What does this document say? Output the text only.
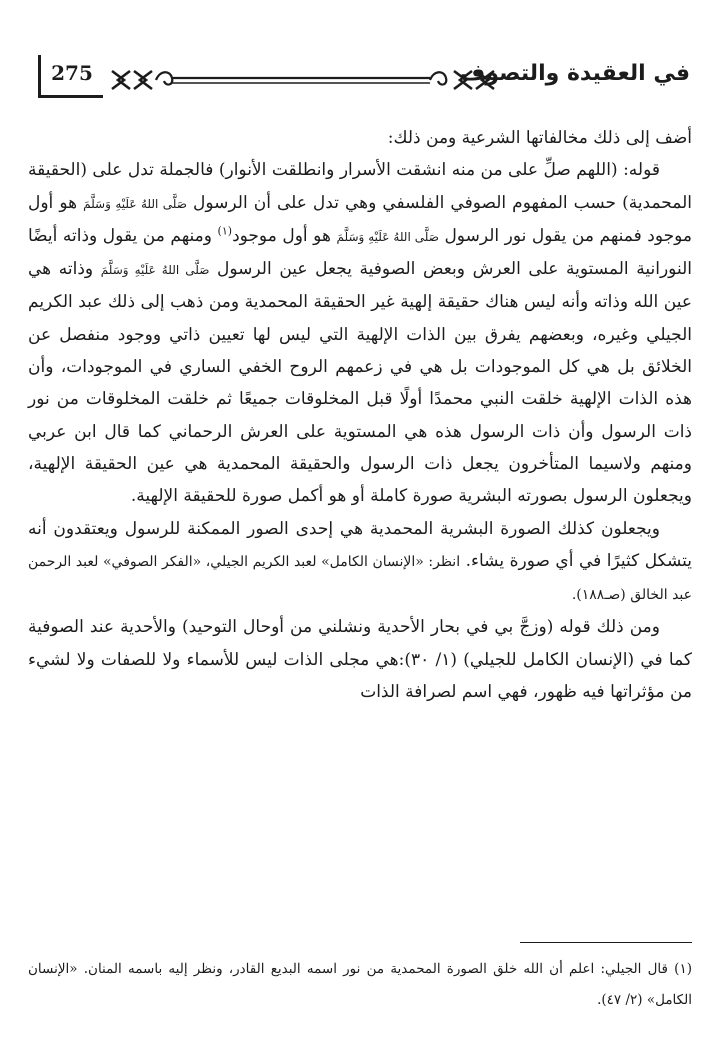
275	في العقيدة والتصوف

أضف إلى ذلك مخالفاتها الشرعية ومن ذلك:

قوله: (اللهم صلِّ على من منه انشقت الأسرار وانطلقت الأنوار) فالجملة تدل على (الحقيقة المحمدية) حسب المفهوم الصوفي الفلسفي وهي تدل على أن الرسول صَلَّى اللهُ عَلَيْهِ وَسَلَّمَ هو أول موجود فمنهم من يقول نور الرسول صَلَّى اللهُ عَلَيْهِ وَسَلَّمَ هو أول موجود$^{(١)}$ ومنهم من يقول وذاته أيضًا النورانية المستوية على العرش وبعض الصوفية يجعل عين الرسول صَلَّى اللهُ عَلَيْهِ وَسَلَّمَ وذاته هي عين الله وذاته وأنه ليس هناك حقيقة إلهية غير الحقيقة المحمدية ومن ذهب إلى ذلك عبد الكريم الجيلي وغيره، وبعضهم يفرق بين الذات الإلهية التي ليس لها تعيين ذاتي ووجود منفصل عن الخلائق بل هي كل الموجودات بل هي في زعمهم الروح الخفي الساري في الموجودات، وأن هذه الذات الإلهية خلقت النبي محمدًا أولًا قبل المخلوقات جميعًا ثم خلقت المخلوقات من نور ذات الرسول وأن ذات الرسول هذه هي المستوية على العرش الرحماني كما قال ابن عربي ومنهم ولاسيما المتأخرون يجعل ذات الرسول والحقيقة المحمدية هي عين الحقيقة الإلهية، ويجعلون الرسول بصورته البشرية صورة كاملة أو هو أكمل صورة للحقيقة الإلهية.

ويجعلون كذلك الصورة البشرية المحمدية هي إحدى الصور الممكنة للرسول ويعتقدون أنه يتشكل كثيرًا في أي صورة يشاء. انظر: «الإنسان الكامل» لعبد الكريم الجيلي، «الفكر الصوفي» لعبد الرحمن عبد الخالق (صـ١٨٨).

ومن ذلك قوله (وزجَّ بي في بحار الأحدية ونشلني من أوحال التوحيد) والأحدية عند الصوفية كما في (الإنسان الكامل للجيلي) (١/ ٣٠):هي مجلى الذات ليس للأسماء ولا للصفات ولا لشيء من مؤثراتها فيه ظهور، فهي اسم لصرافة الذات

(١) قال الجيلي: اعلم أن الله خلق الصورة المحمدية من نور اسمه البديع القادر، ونظر إليه باسمه المنان. «الإنسان الكامل» (٢/ ٤٧).
